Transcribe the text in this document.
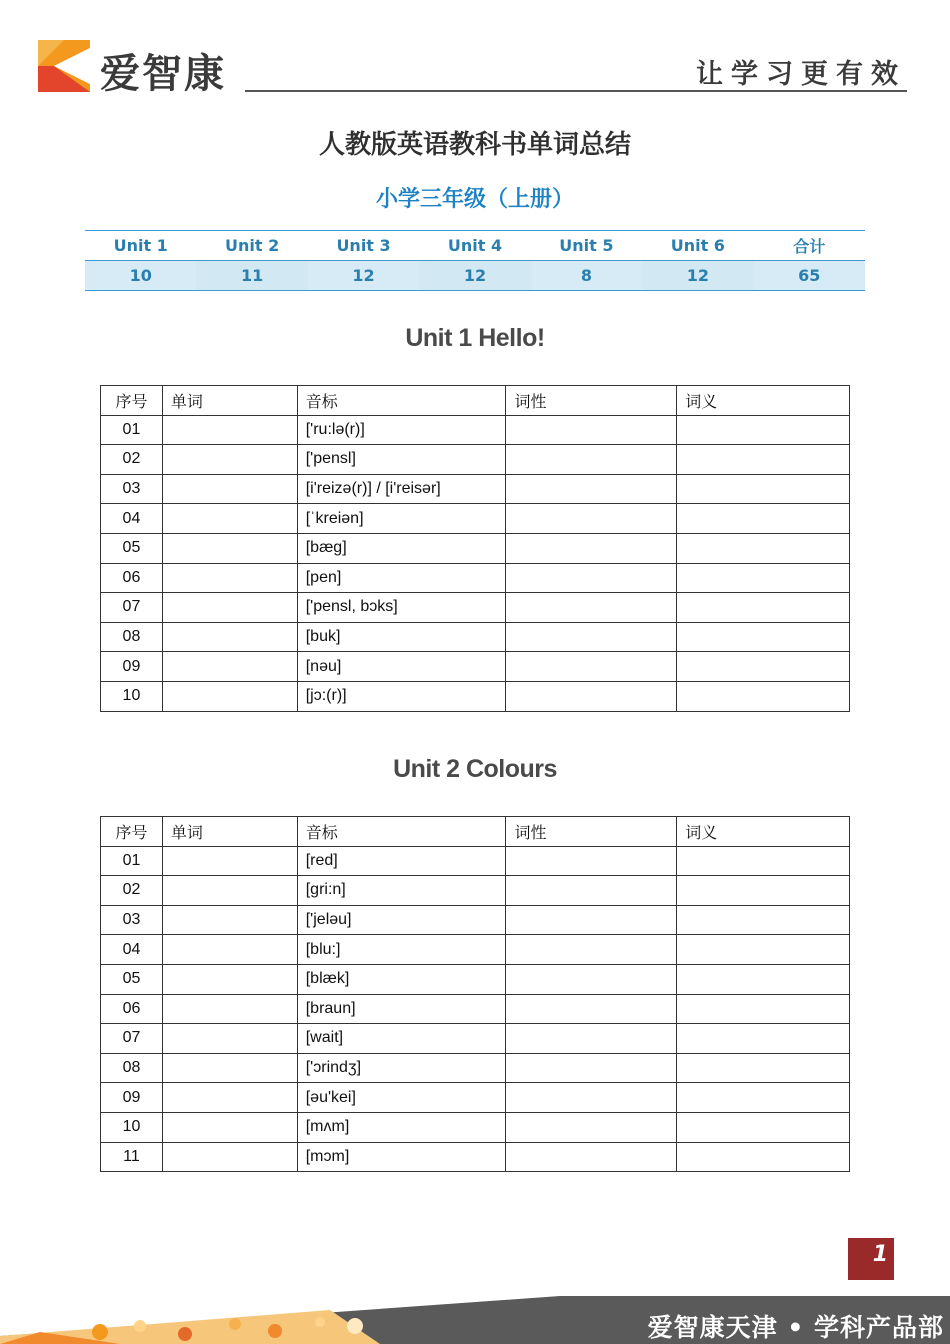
爱智康	让学习更有效
人教版英语教科书单词总结
小学三年级（上册）
Unit 1	Unit 2	Unit 3	Unit 4	Unit 5	Unit 6	合计
10	11	12	12	8	12	65
Unit 1 Hello!
序号	单词	音标	词性	词义
01		['ru:lə(r)]		
02		['pensl]		
03		[i'reizə(r)] / [i'reisər]		
04		[ˈkreiən]		
05		[bæg]		
06		[pen]		
07		['pensl, bɔks]		
08		[buk]		
09		[nəu]		
10		[jɔ:(r)]		
Unit 2 Colours
序号	单词	音标	词性	词义
01		[red]		
02		[gri:n]		
03		['jeləu]		
04		[blu:]		
05		[blæk]		
06		[braun]		
07		[wait]		
08		['ɔrindʒ]		
09		[əu'kei]		
10		[mʌm]		
11		[mɔm]		
1
爱智康天津 • 学科产品部
